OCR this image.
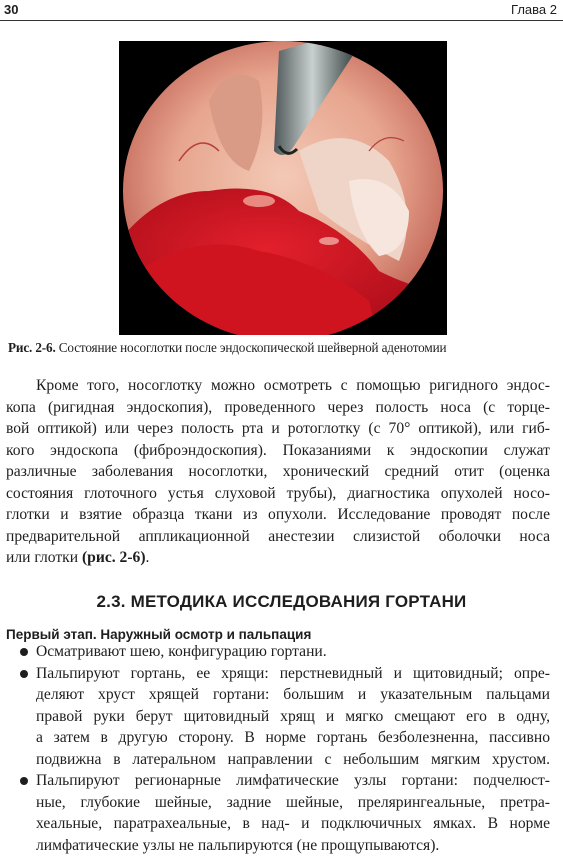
30	Глава 2
Рис. 2-6. Состояние носоглотки после эндоскопической шейверной аденотомии
Кроме того, носоглотку можно осмотреть с помощью ригидного эндос-
копа (ригидная эндоскопия), проведенного через полость носа (с торце-
вой оптикой) или через полость рта и ротоглотку (с 70° оптикой), или гиб-
кого эндоскопа (фиброэндоскопия). Показаниями к эндоскопии служат
различные заболевания носоглотки, хронический средний отит (оценка
состояния глоточного устья слуховой трубы), диагностика опухолей носо-
глотки и взятие образца ткани из опухоли. Исследование проводят после
предварительной аппликационной анестезии слизистой оболочки носа
или глотки (рис. 2-6).
2.3. МЕТОДИКА ИССЛЕДОВАНИЯ ГОРТАНИ
Первый этап. Наружный осмотр и пальпация
Осматривают шею, конфигурацию гортани.
Пальпируют гортань, ее хрящи: перстневидный и щитовидный; опре-
деляют хруст хрящей гортани: большим и указательным пальцами
правой руки берут щитовидный хрящ и мягко смещают его в одну,
а затем в другую сторону. В норме гортань безболезненна, пассивно
подвижна в латеральном направлении с небольшим мягким хрустом.
Пальпируют регионарные лимфатические узлы гортани: подчелюст-
ные, глубокие шейные, задние шейные, прелярингеальные, претра-
хеальные, паратрахеальные, в над- и подключичных ямках. В норме
лимфатические узлы не пальпируются (не прощупываются).
